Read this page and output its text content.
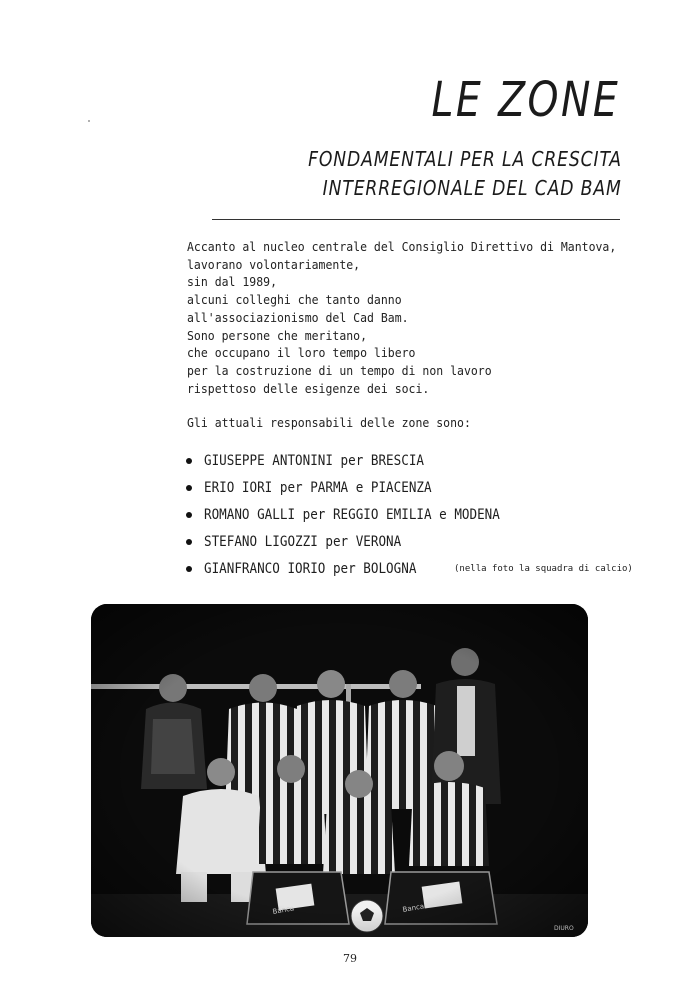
LE ZONE
FONDAMENTALI PER LA CRESCITA
INTERREGIONALE DEL CAD BAM
Accanto al nucleo centrale del Consiglio Direttivo di Mantova,
lavorano volontariamente,
sin dal 1989,
alcuni colleghi che tanto danno
all'associazionismo del Cad Bam.
Sono persone che meritano,
che occupano il loro tempo libero
per la costruzione di un tempo di non lavoro
rispettoso delle esigenze dei soci.
Gli attuali responsabili delle zone sono:
GIUSEPPE ANTONINI per BRESCIA
ERIO IORI per PARMA e PIACENZA
ROMANO GALLI per REGGIO EMILIA e MODENA
STEFANO LIGOZZI per VERONA
GIANFRANCO IORIO per BOLOGNA	(nella foto la squadra di calcio)
DIURO
79
